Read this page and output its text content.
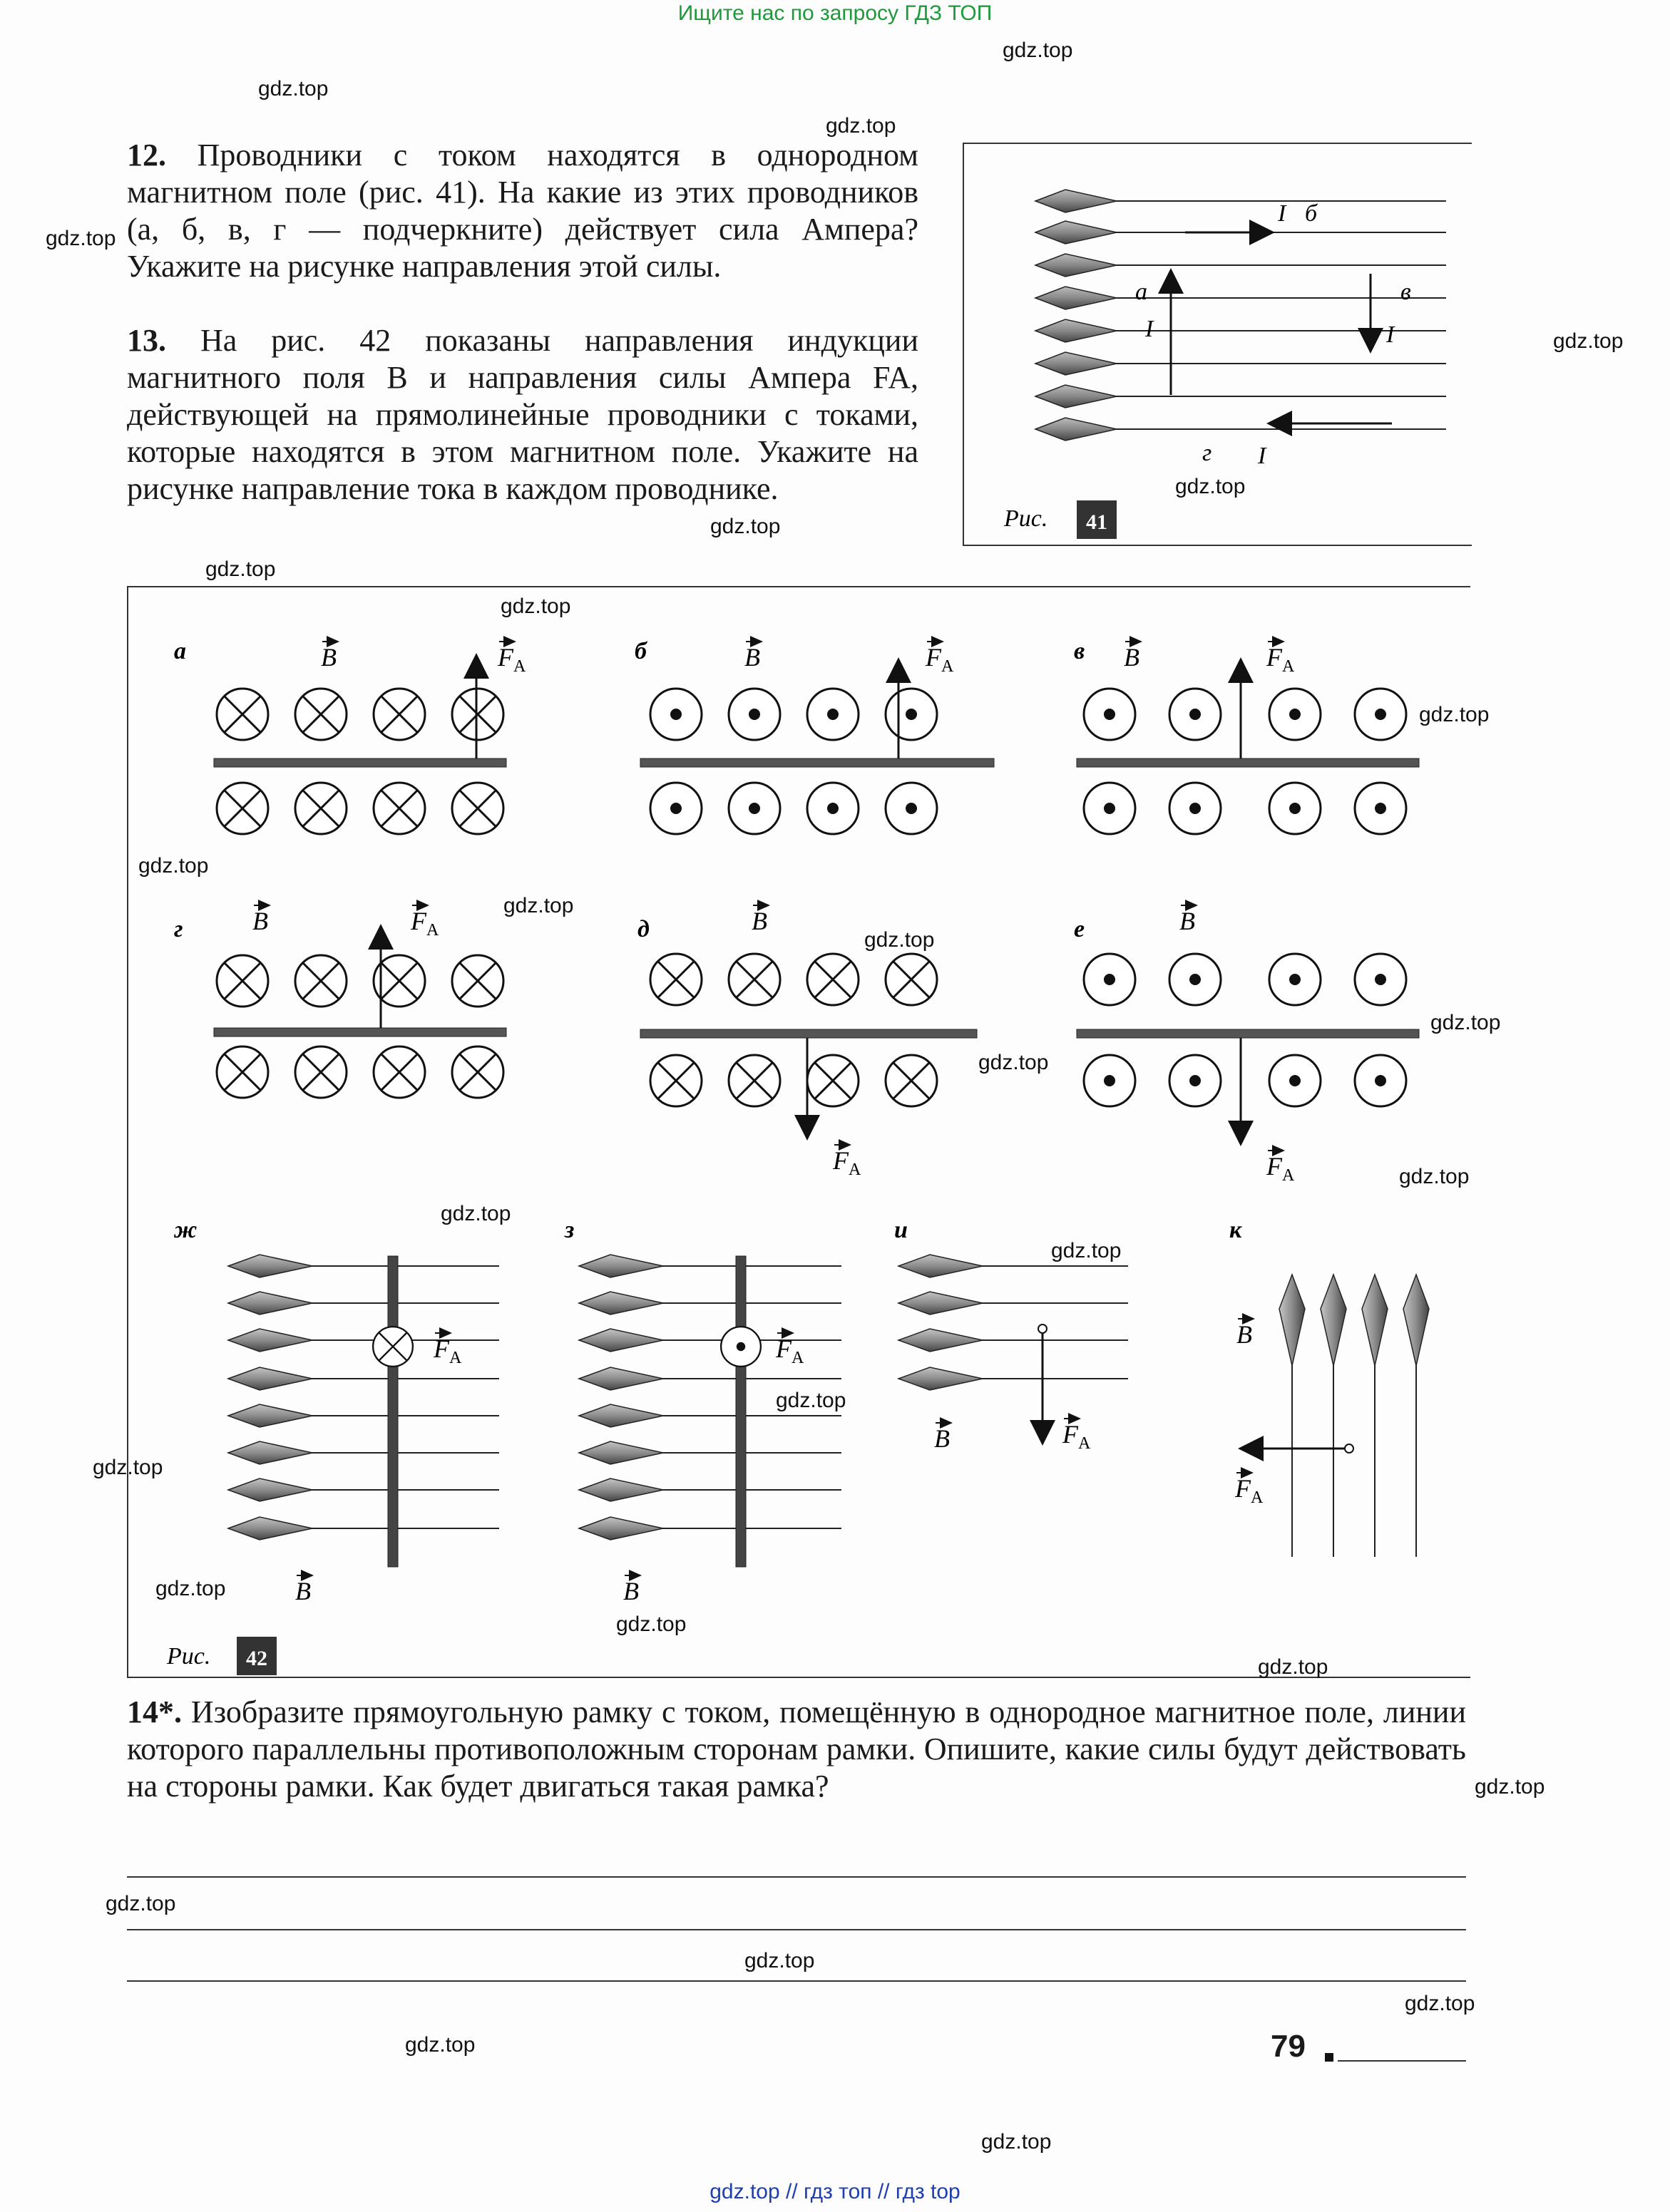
Ищите нас по запросу ГДЗ ТОП
12. Проводники с током находятся в однородном магнитном поле (рис. 41). На какие из этих проводников (а, б, в, г — подчеркните) действует сила Ампера? Укажите на рисунке направления этой силы.
13. На рис. 42 показаны направления индукции магнитного поля B и направления силы Ампера FA, действующей на прямолинейные проводники с токами, которые находятся в этом магнитном поле. Укажите на рисунке направление тока в каждом проводнике.
I б
а
I
в
I
г I
Рис. 41
а	B	F A
б	B	F A
в B	F A
г	B	F A	д	B
F A
е	B
F A
ж
F A
B
з
F A
B
и
F A
B
к
B
F A
Рис. 42
14*. Изобразите прямоугольную рамку с током, помещённую в однородное магнитное поле, линии которого параллельны противоположным сторонам рамки. Опишите, какие силы будут действовать на стороны рамки. Как будет двигаться такая рамка?
79
gdz.top
gdz.top
gdz.top
gdz.top
gdz.top
gdz.top
gdz.top
gdz.top
gdz.top
gdz.top
gdz.top
gdz.top
gdz.top
gdz.top
gdz.top
gdz.top
gdz.top
gdz.top
gdz.top
gdz.top
gdz.top
gdz.top
gdz.top
gdz.top
gdz.top
gdz.top
gdz.top
gdz.top
gdz.top
gdz.top // гдз топ // гдз top
